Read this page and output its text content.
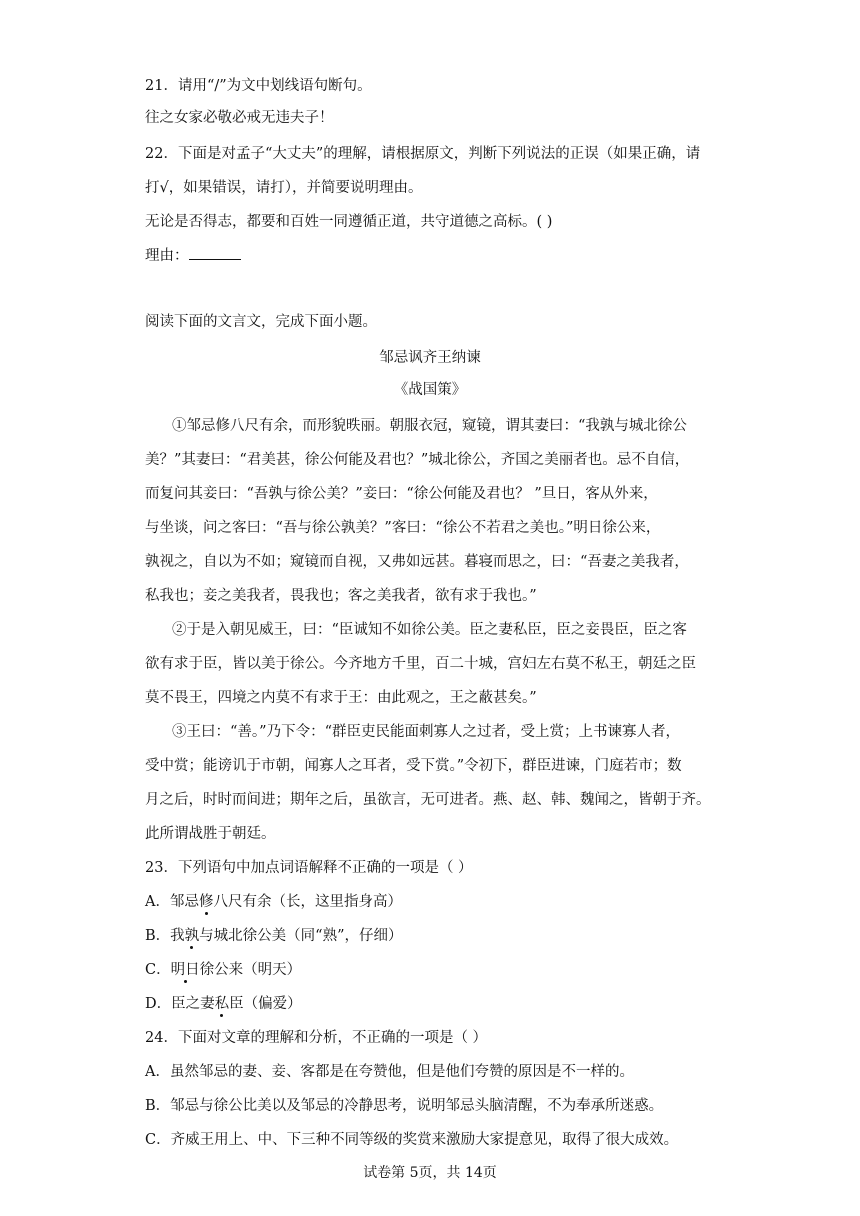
21．请用“/”为文中划线语句断句。
往之女家必敬必戒无违夫子！
22．下面是对孟子“大丈夫”的理解，请根据原文，判断下列说法的正误（如果正确，请
打√，如果错误，请打），并简要说明理由。
无论是否得志，都要和百姓一同遵循正道，共守道德之高标。( )
理由：
阅读下面的文言文，完成下面小题。
邹忌讽齐王纳谏
《战国策》
①邹忌修八尺有余，而形貌昳丽。朝服衣冠，窥镜，谓其妻曰：“我孰与城北徐公
美？”其妻曰：“君美甚，徐公何能及君也？”城北徐公，齐国之美丽者也。忌不自信，
而复问其妾曰：“吾孰与徐公美？”妾曰：“徐公何能及君也？ ”旦日，客从外来，
与坐谈，问之客曰：“吾与徐公孰美？”客曰：“徐公不若君之美也。”明日徐公来，
孰视之，自以为不如；窥镜而自视，又弗如远甚。暮寝而思之，曰：“吾妻之美我者，
私我也；妾之美我者，畏我也；客之美我者，欲有求于我也。”
②于是入朝见威王，曰：“臣诚知不如徐公美。臣之妻私臣，臣之妾畏臣，臣之客
欲有求于臣，皆以美于徐公。今齐地方千里，百二十城，宫妇左右莫不私王，朝廷之臣
莫不畏王，四境之内莫不有求于王：由此观之，王之蔽甚矣。”
③王曰：“善。”乃下令：“群臣吏民能面刺寡人之过者，受上赏；上书谏寡人者，
受中赏；能谤讥于市朝，闻寡人之耳者，受下赏。”令初下，群臣进谏，门庭若市；数
月之后，时时而间进；期年之后，虽欲言，无可进者。燕、赵、韩、魏闻之，皆朝于齐。
此所谓战胜于朝廷。
23．下列语句中加点词语解释不正确的一项是（ ）
A．邹忌修八尺有余（长，这里指身高）
B．我孰与城北徐公美（同“熟”，仔细）
C．明日徐公来（明天）
D．臣之妻私臣（偏爱）
24．下面对文章的理解和分析，不正确的一项是（ ）
A．虽然邹忌的妻、妾、客都是在夸赞他，但是他们夸赞的原因是不一样的。
B．邹忌与徐公比美以及邹忌的冷静思考，说明邹忌头脑清醒，不为奉承所迷惑。
C．齐威王用上、中、下三种不同等级的奖赏来激励大家提意见，取得了很大成效。
试卷第 5页，共 14页
